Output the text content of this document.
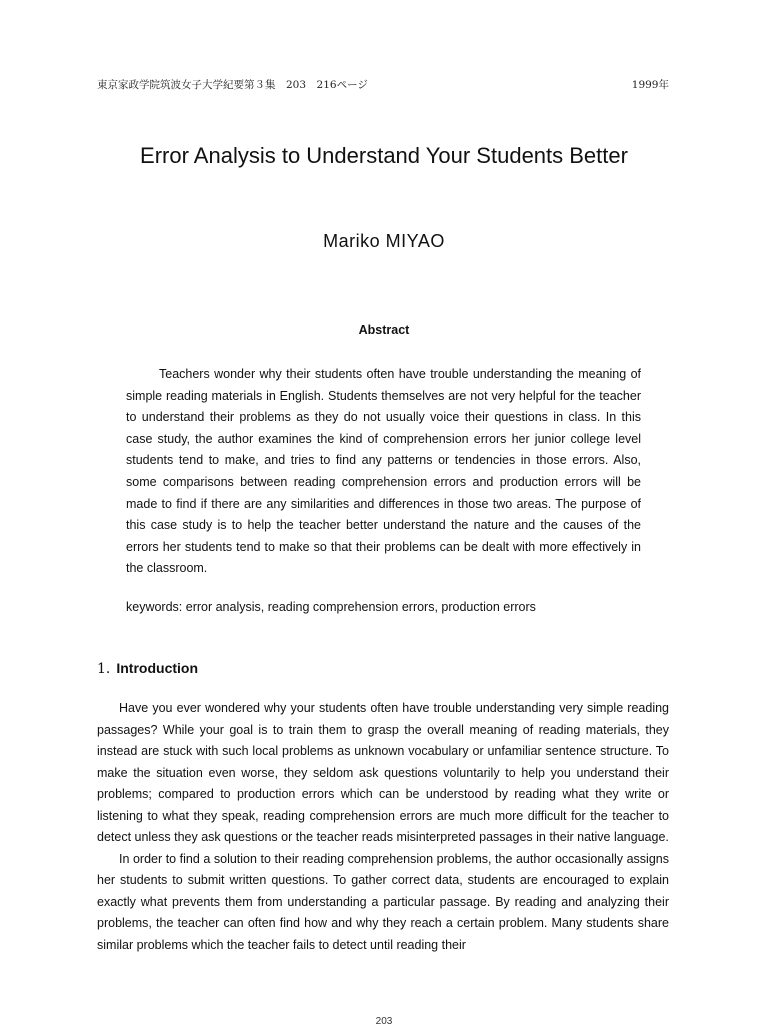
東京家政学院筑波女子大学紀要第３集　203　216ページ	1999年
Error Analysis to Understand Your Students Better
Mariko MIYAO
Abstract

Teachers wonder why their students often have trouble understanding the meaning of simple reading materials in English. Students themselves are not very helpful for the teacher to understand their problems as they do not usually voice their questions in class. In this case study, the author examines the kind of comprehension errors her junior college level students tend to make, and tries to find any patterns or tendencies in those errors. Also, some comparisons between reading comprehension errors and production errors will be made to find if there are any similarities and differences in those two areas. The purpose of this case study is to help the teacher better understand the nature and the causes of the errors her students tend to make so that their problems can be dealt with more effectively in the classroom.

keywords: error analysis, reading comprehension errors, production errors
1. Introduction

Have you ever wondered why your students often have trouble understanding very simple reading passages? While your goal is to train them to grasp the overall meaning of reading materials, they instead are stuck with such local problems as unknown vocabulary or unfamiliar sentence structure. To make the situation even worse, they seldom ask questions voluntarily to help you understand their problems; compared to production errors which can be understood by reading what they write or listening to what they speak, reading comprehension errors are much more difficult for the teacher to detect unless they ask questions or the teacher reads misinterpreted passages in their native language.

In order to find a solution to their reading comprehension problems, the author occasionally assigns her students to submit written questions. To gather correct data, students are encouraged to explain exactly what prevents them from understanding a particular passage. By reading and analyzing their problems, the teacher can often find how and why they reach a certain problem. Many students share similar problems which the teacher fails to detect until reading their

203
